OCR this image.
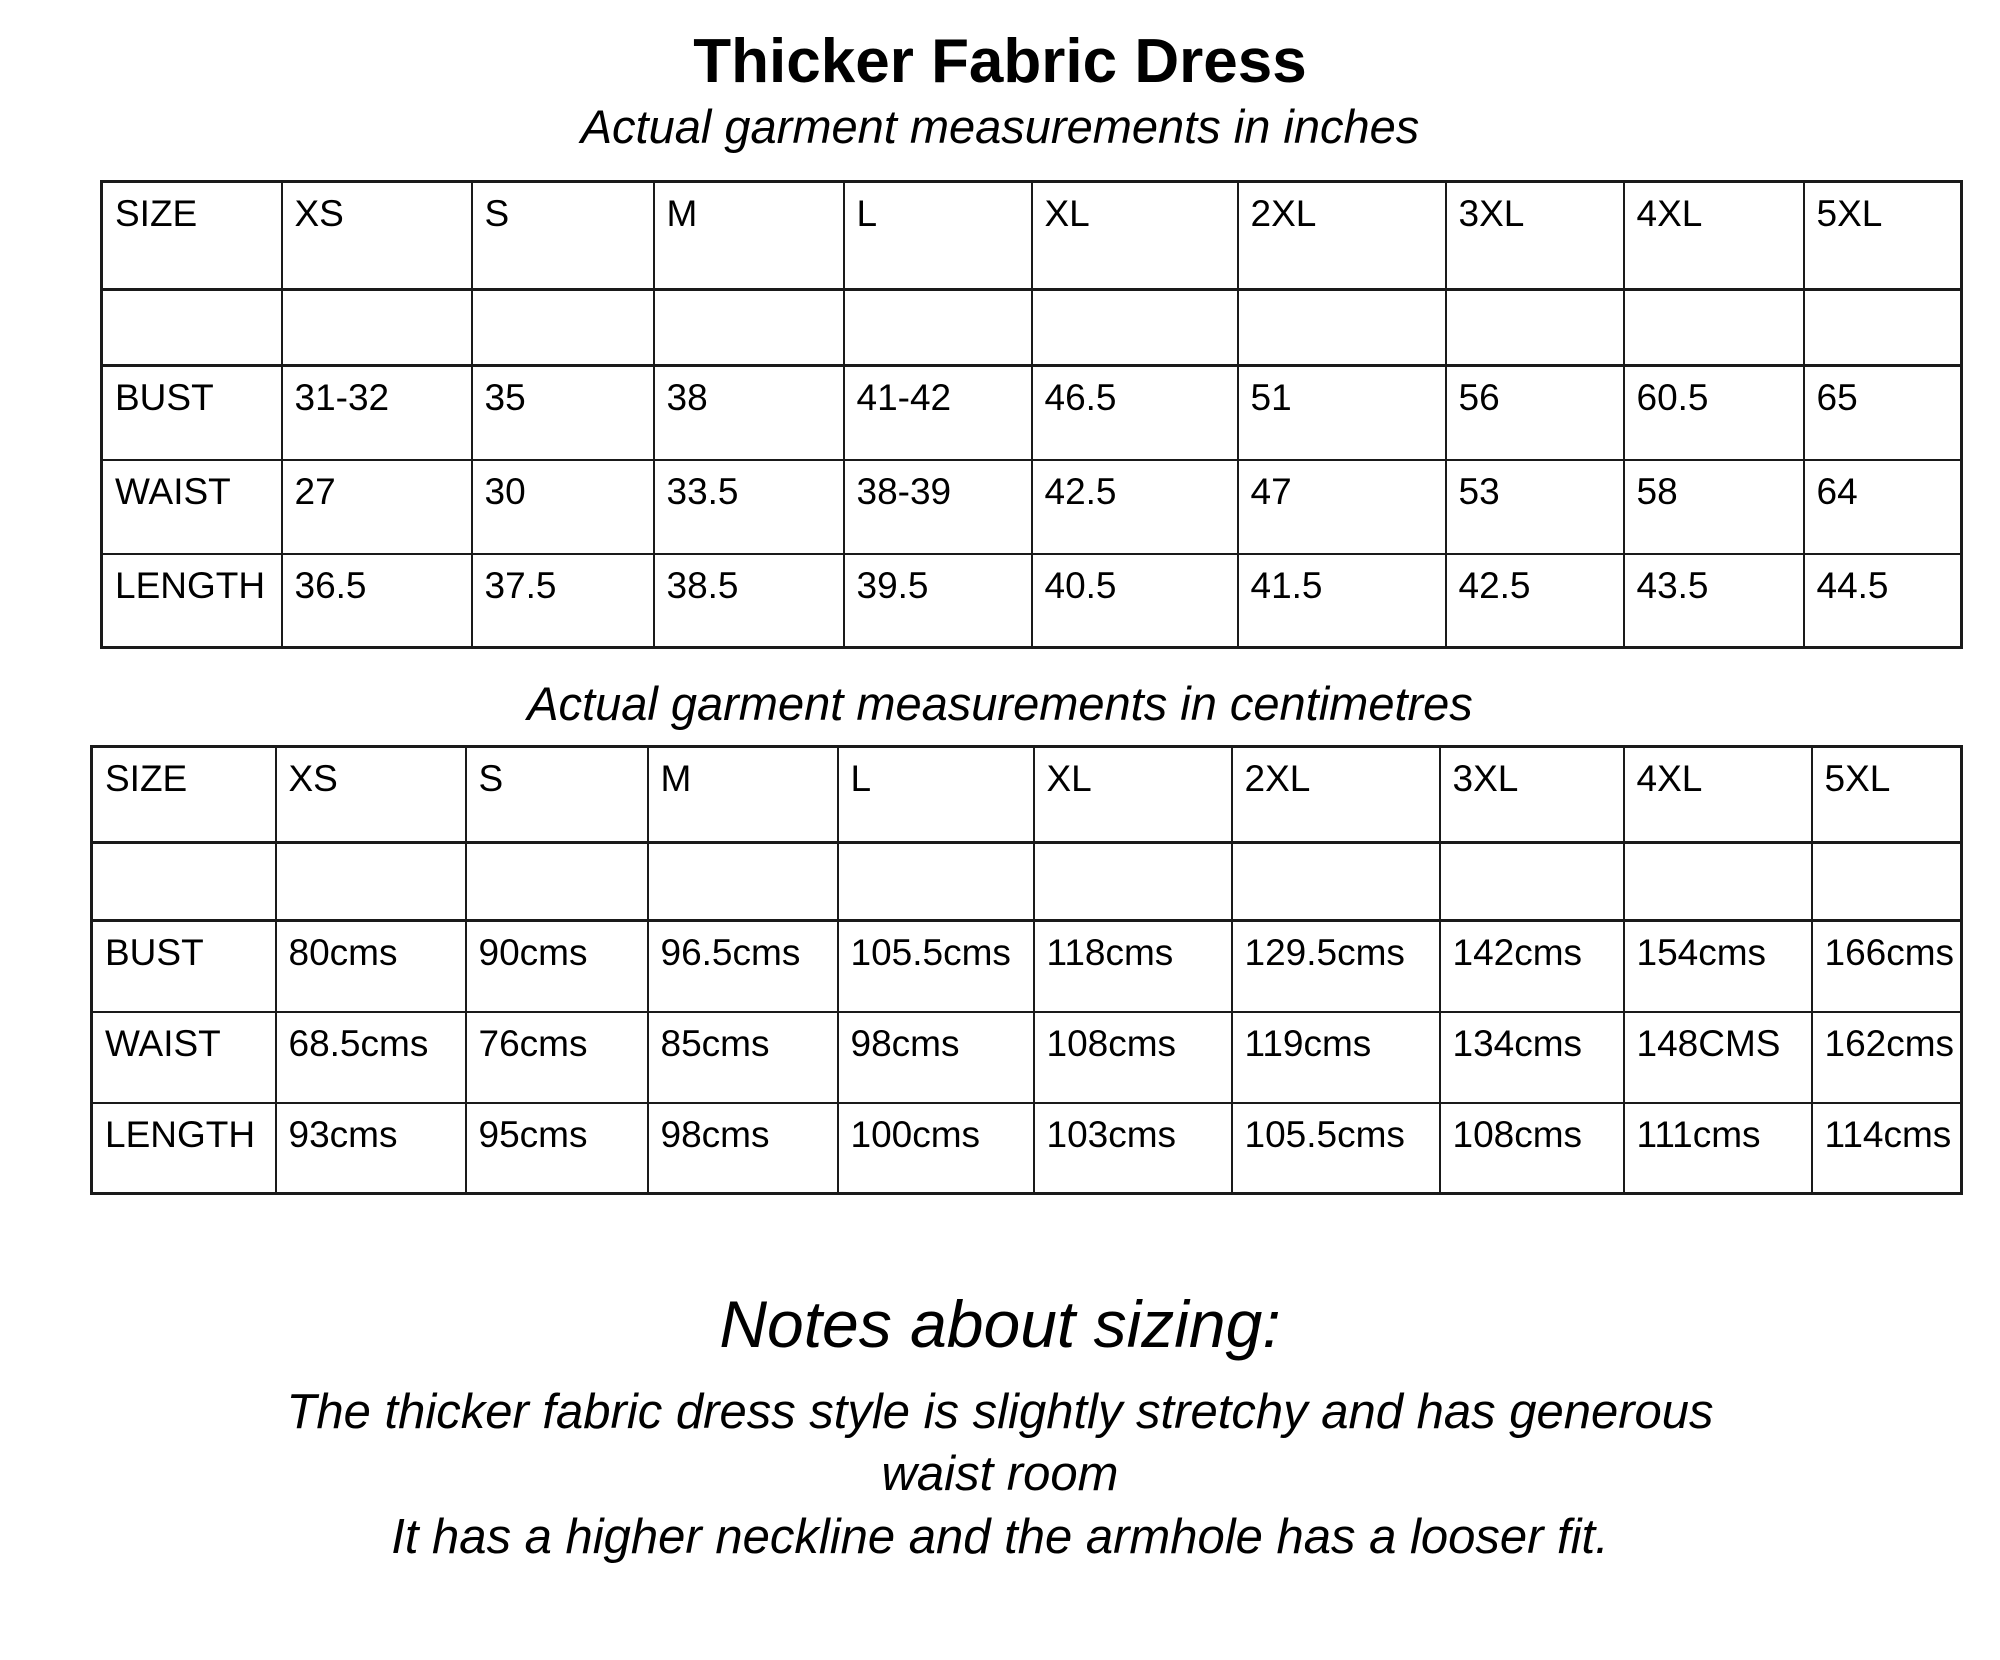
Thicker Fabric Dress
Actual garment measurements in inches
SIZE	XS	S	M	L	XL	2XL	3XL	4XL	5XL

BUST	31-32	35	38	41-42	46.5	51	56	60.5	65
WAIST	27	30	33.5	38-39	42.5	47	53	58	64
LENGTH	36.5	37.5	38.5	39.5	40.5	41.5	42.5	43.5	44.5
Actual garment measurements in centimetres
SIZE	XS	S	M	L	XL	2XL	3XL	4XL	5XL

BUST	80cms	90cms	96.5cms	105.5cms	118cms	129.5cms	142cms	154cms	166cms
WAIST	68.5cms	76cms	85cms	98cms	108cms	119cms	134cms	148CMS	162cms
LENGTH	93cms	95cms	98cms	100cms	103cms	105.5cms	108cms	111cms	114cms
Notes about sizing:
The thicker fabric dress style is slightly stretchy and has generous
waist room
It has a higher neckline and the armhole has a looser fit.
